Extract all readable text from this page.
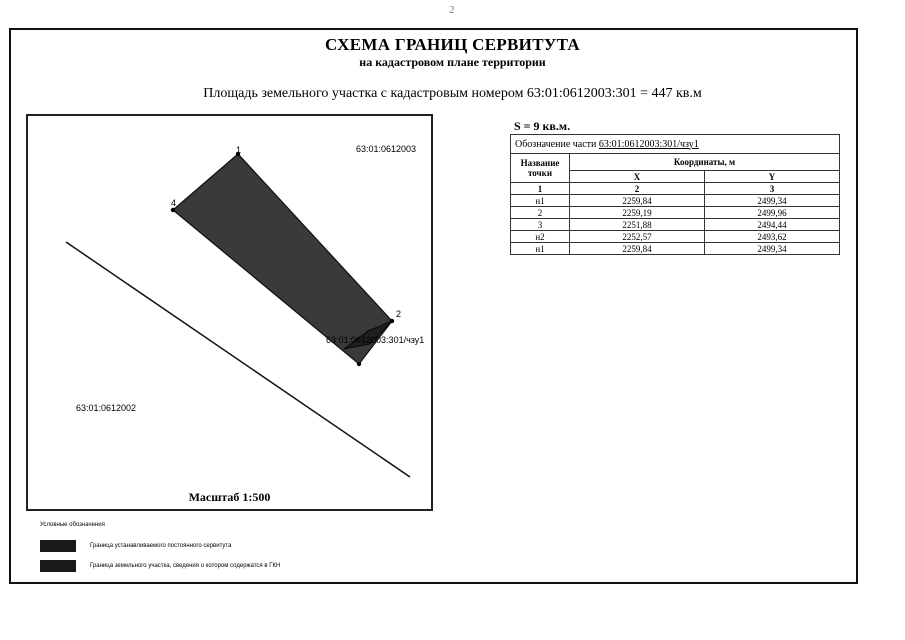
2
СХЕМА ГРАНИЦ СЕРВИТУТА
на кадастровом плане территории
Площадь земельного участка с кадастровым номером 63:01:0612003:301 = 447 кв.м
1
2
4
63:01:0612003
63:01:0612002
63:01:0612003:301/чзу1
Масштаб 1:500
S = 9 кв.м.
Обозначение части 63:01:0612003:301/чзу1		
Название точки	Координаты, м	
	X	Y
1	2	3
н1	2259,84	2499,34
2	2259,19	2499,96
3	2251,88	2494,44
н2	2252,57	2493,62
н1	2259,84	2499,34
Условные обозначения
Граница устанавливаемого постоянного сервитута
Граница земельного участка, сведения о котором содержатся в ГКН
